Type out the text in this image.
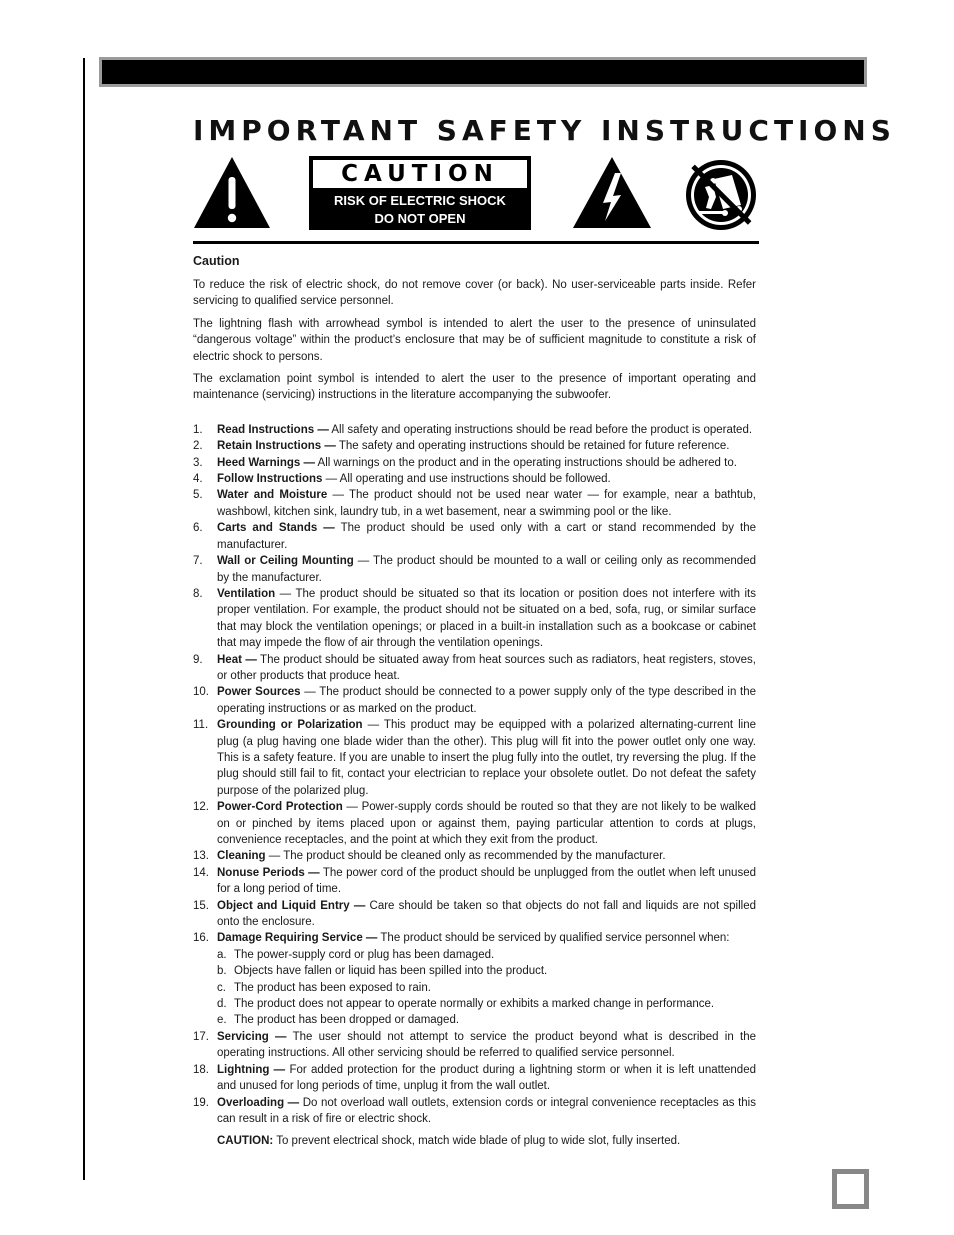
IMPORTANT SAFETY INSTRUCTIONS
CAUTION
RISK OF ELECTRIC SHOCK
DO NOT OPEN
Caution

To reduce the risk of electric shock, do not remove cover (or back). No user-serviceable parts inside. Refer servicing to qualified service personnel.

The lightning flash with arrowhead symbol is intended to alert the user to the presence of uninsulated “dangerous voltage” within the product’s enclosure that may be of sufficient magnitude to constitute a risk of electric shock to persons.

The exclamation point symbol is intended to alert the user to the presence of important operating and maintenance (servicing) instructions in the literature accompanying the subwoofer.

1. Read Instructions — All safety and operating instructions should be read before the product is operated.
2. Retain Instructions — The safety and operating instructions should be retained for future reference.
3. Heed Warnings — All warnings on the product and in the operating instructions should be adhered to.
4. Follow Instructions — All operating and use instructions should be followed.
5. Water and Moisture — The product should not be used near water — for example, near a bathtub, washbowl, kitchen sink, laundry tub, in a wet basement, near a swimming pool or the like.
6. Carts and Stands — The product should be used only with a cart or stand recommended by the manufacturer.
7. Wall or Ceiling Mounting — The product should be mounted to a wall or ceiling only as recommended by the manufacturer.
8. Ventilation — The product should be situated so that its location or position does not interfere with its proper ventilation. For example, the product should not be situated on a bed, sofa, rug, or similar surface that may block the ventilation openings; or placed in a built-in installation such as a bookcase or cabinet that may impede the flow of air through the ventilation openings.
9. Heat — The product should be situated away from heat sources such as radiators, heat registers, stoves, or other products that produce heat.
10. Power Sources — The product should be connected to a power supply only of the type described in the operating instructions or as marked on the product.
11. Grounding or Polarization — This product may be equipped with a polarized alternating-current line plug (a plug having one blade wider than the other). This plug will fit into the power outlet only one way. This is a safety feature. If you are unable to insert the plug fully into the outlet, try reversing the plug. If the plug should still fail to fit, contact your electrician to replace your obsolete outlet. Do not defeat the safety purpose of the polarized plug.
12. Power-Cord Protection — Power-supply cords should be routed so that they are not likely to be walked on or pinched by items placed upon or against them, paying particular attention to cords at plugs, convenience receptacles, and the point at which they exit from the product.
13. Cleaning — The product should be cleaned only as recommended by the manufacturer.
14. Nonuse Periods — The power cord of the product should be unplugged from the outlet when left unused for a long period of time.
15. Object and Liquid Entry — Care should be taken so that objects do not fall and liquids are not spilled onto the enclosure.
16. Damage Requiring Service — The product should be serviced by qualified service personnel when:
a. The power-supply cord or plug has been damaged.
b. Objects have fallen or liquid has been spilled into the product.
c. The product has been exposed to rain.
d. The product does not appear to operate normally or exhibits a marked change in performance.
e. The product has been dropped or damaged.
17. Servicing — The user should not attempt to service the product beyond what is described in the operating instructions. All other servicing should be referred to qualified service personnel.
18. Lightning — For added protection for the product during a lightning storm or when it is left unattended and unused for long periods of time, unplug it from the wall outlet.
19. Overloading — Do not overload wall outlets, extension cords or integral convenience receptacles as this can result in a risk of fire or electric shock.
CAUTION: To prevent electrical shock, match wide blade of plug to wide slot, fully inserted.
